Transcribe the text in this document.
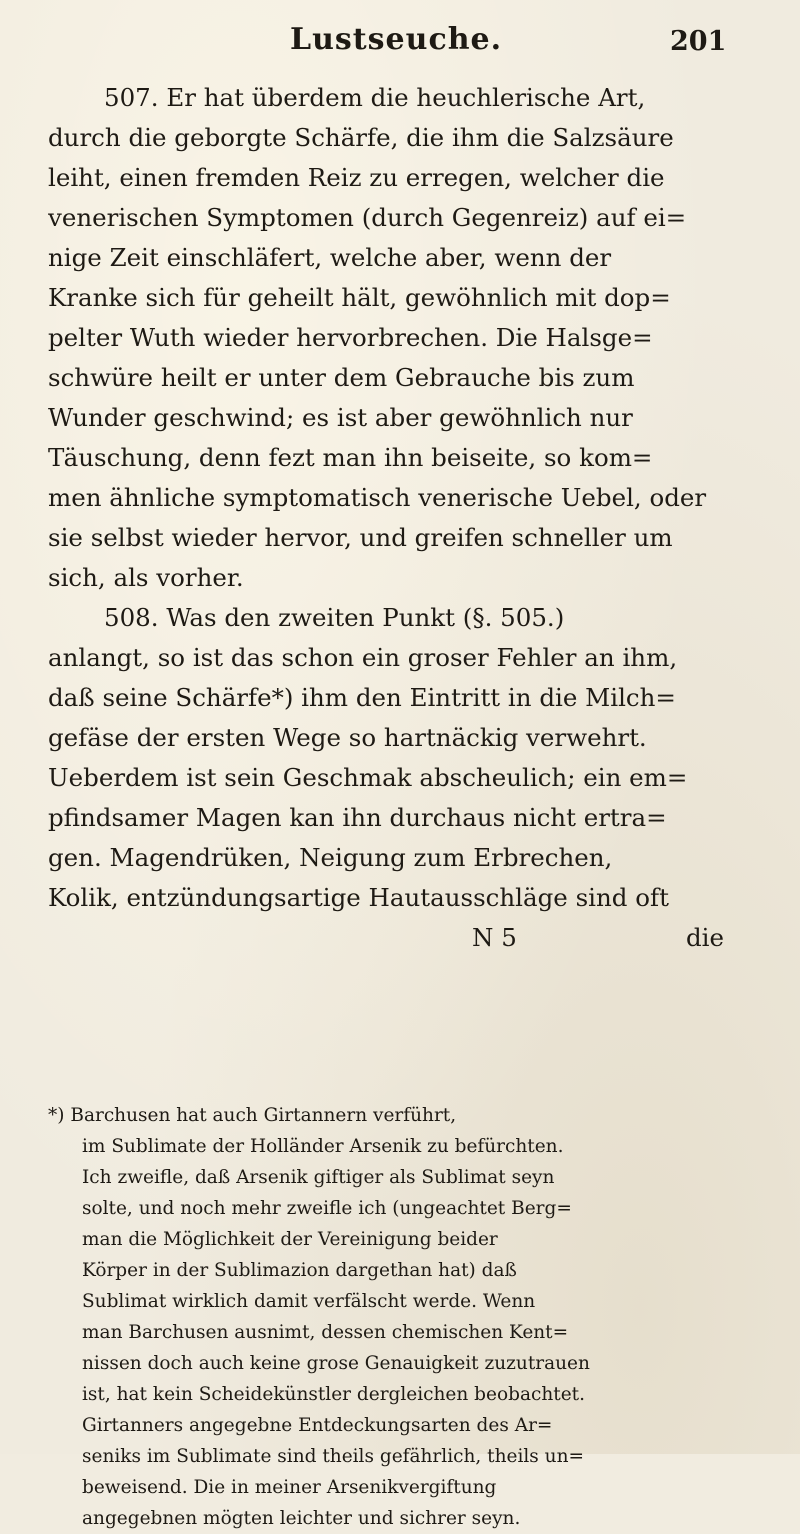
Lustseuche.	201
507. Er hat überdem die heuchlerische Art,
durch die geborgte Schärfe, die ihm die Salzsäure
leiht, einen fremden Reiz zu erregen, welcher die
venerischen Symptomen (durch Gegenreiz) auf ei=
nige Zeit einschläfert, welche aber, wenn der
Kranke sich für geheilt hält, gewöhnlich mit dop=
pelter Wuth wieder hervorbrechen. Die Halsge=
schwüre heilt er unter dem Gebrauche bis zum
Wunder geschwind; es ist aber gewöhnlich nur
Täuschung, denn fezt man ihn beiseite, so kom=
men ähnliche symptomatisch venerische Uebel, oder
sie selbst wieder hervor, und greifen schneller um
sich, als vorher.
508. Was den zweiten Punkt (§. 505.)
anlangt, so ist das schon ein groser Fehler an ihm,
daß seine Schärfe*) ihm den Eintritt in die Milch=
gefäse der ersten Wege so hartnäckig verwehrt.
Ueberdem ist sein Geschmak abscheulich; ein em=
pfindsamer Magen kan ihn durchaus nicht ertra=
gen. Magendrüken, Neigung zum Erbrechen,
Kolik, entzündungsartige Hautausschläge sind oft
N 5	die
*) Barchusen hat auch Girtannern verführt,
im Sublimate der Holländer Arsenik zu befürchten.
Ich zweifle, daß Arsenik giftiger als Sublimat seyn
solte, und noch mehr zweifle ich (ungeachtet Berg=
man die Möglichkeit der Vereinigung beider
Körper in der Sublimazion dargethan hat) daß
Sublimat wirklich damit verfälscht werde. Wenn
man Barchusen ausnimt, dessen chemischen Kent=
nissen doch auch keine grose Genauigkeit zuzutrauen
ist, hat kein Scheidekünstler dergleichen beobachtet.
Girtanners angegebne Entdeckungsarten des Ar=
seniks im Sublimate sind theils gefährlich, theils un=
beweisend. Die in meiner Arsenikvergiftung
angegebnen mögten leichter und sichrer seyn.
